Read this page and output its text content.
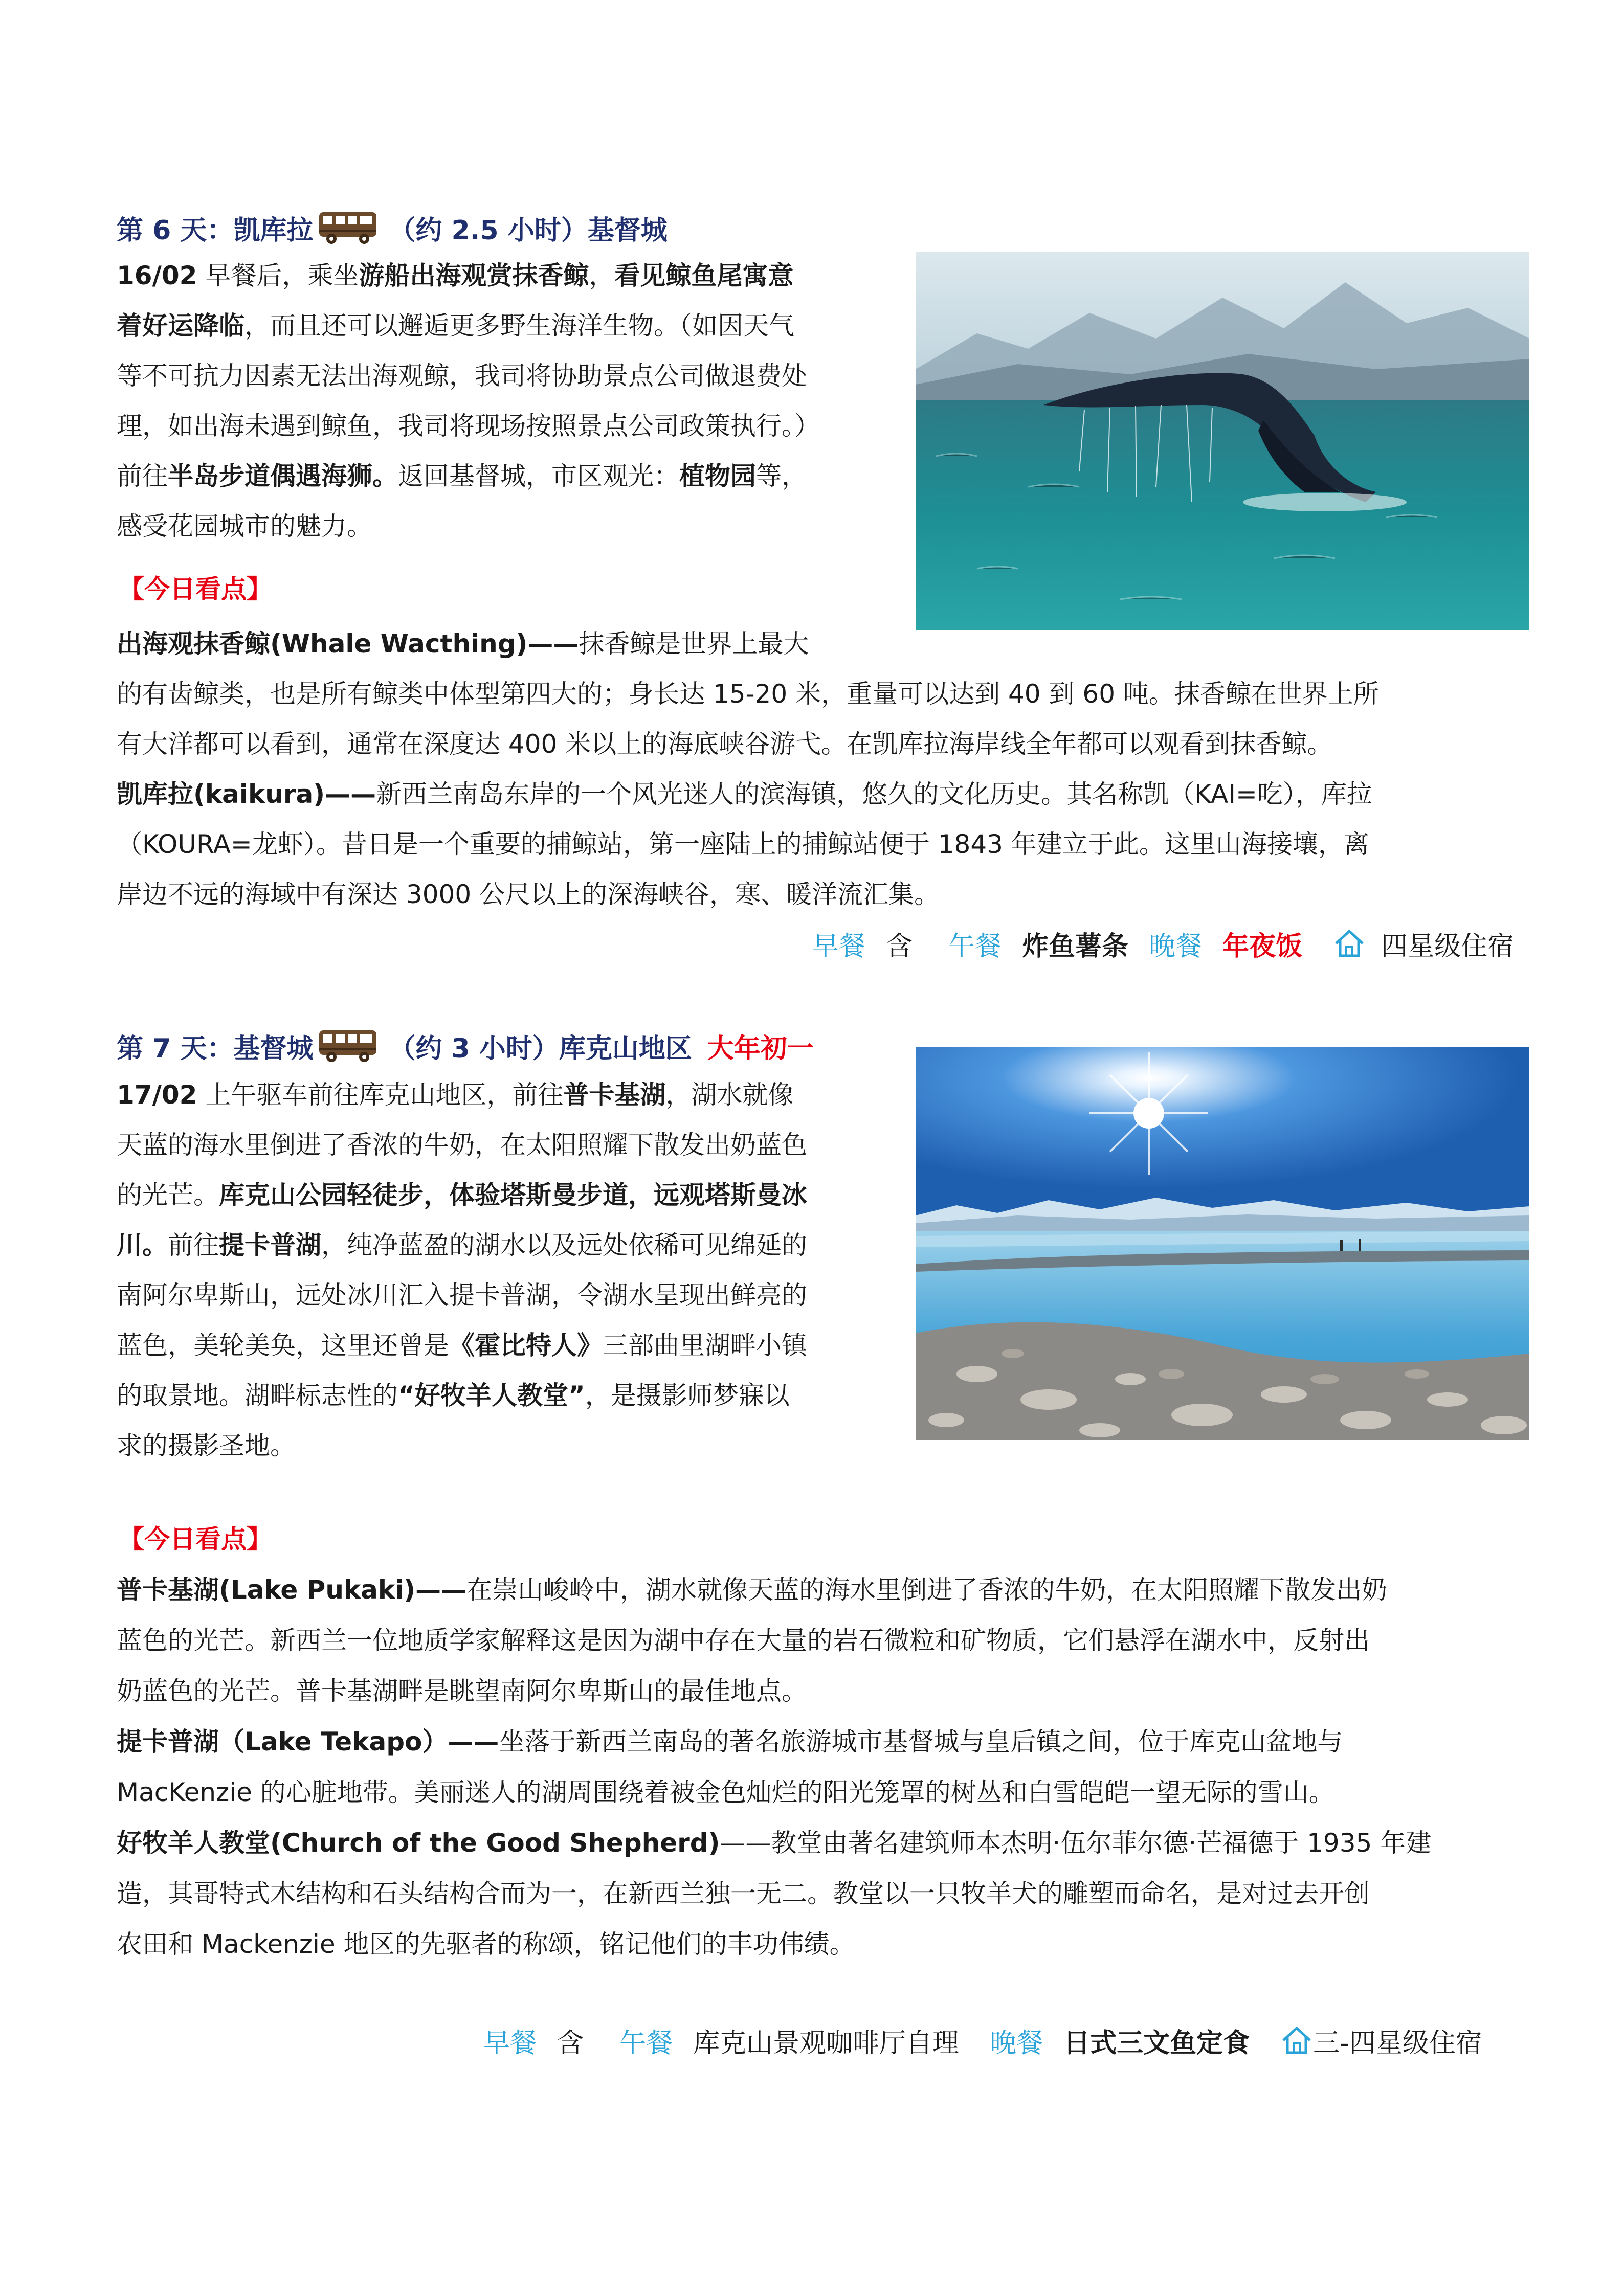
第 6 天：凯库拉	（约 2.5 小时）基督城
16/02 早餐后，乘坐游船出海观赏抹香鲸，看见鲸鱼尾寓意
着好运降临，而且还可以邂逅更多野生海洋生物。（如因天气
等不可抗力因素无法出海观鲸，我司将协助景点公司做退费处
理，如出海未遇到鲸鱼，我司将现场按照景点公司政策执行。）
前往半岛步道偶遇海狮。返回基督城，市区观光：植物园等，
感受花园城市的魅力。
【今日看点】
出海观抹香鲸(Whale Wacthing)——抹香鲸是世界上最大
的有齿鲸类，也是所有鲸类中体型第四大的；身长达 15-20 米，重量可以达到 40 到 60 吨。抹香鲸在世界上所
有大洋都可以看到，通常在深度达 400 米以上的海底峡谷游弋。在凯库拉海岸线全年都可以观看到抹香鲸。
凯库拉(kaikura)——新西兰南岛东岸的一个风光迷人的滨海镇，悠久的文化历史。其名称凯（KAI=吃），库拉
（KOURA=龙虾）。昔日是一个重要的捕鲸站，第一座陆上的捕鲸站便于 1843 年建立于此。这里山海接壤，离
岸边不远的海域中有深达 3000 公尺以上的深海峡谷，寒、暖洋流汇集。
早餐 含 午餐 炸鱼薯条 晚餐 年夜饭	四星级住宿
第 7 天：基督城	（约 3 小时）库克山地区 大年初一
17/02 上午驱车前往库克山地区，前往普卡基湖，湖水就像
天蓝的海水里倒进了香浓的牛奶，在太阳照耀下散发出奶蓝色
的光芒。库克山公园轻徒步，体验塔斯曼步道，远观塔斯曼冰
川。前往提卡普湖，纯净蓝盈的湖水以及远处依稀可见绵延的
南阿尔卑斯山，远处冰川汇入提卡普湖，令湖水呈现出鲜亮的
蓝色，美轮美奂，这里还曾是《霍比特人》三部曲里湖畔小镇
的取景地。湖畔标志性的“好牧羊人教堂”，是摄影师梦寐以
求的摄影圣地。
【今日看点】
普卡基湖(Lake Pukaki)——在崇山峻岭中，湖水就像天蓝的海水里倒进了香浓的牛奶，在太阳照耀下散发出奶
蓝色的光芒。新西兰一位地质学家解释这是因为湖中存在大量的岩石微粒和矿物质，它们悬浮在湖水中，反射出
奶蓝色的光芒。普卡基湖畔是眺望南阿尔卑斯山的最佳地点。
提卡普湖（Lake Tekapo）——坐落于新西兰南岛的著名旅游城市基督城与皇后镇之间，位于库克山盆地与
MacKenzie 的心脏地带。美丽迷人的湖周围绕着被金色灿烂的阳光笼罩的树丛和白雪皑皑一望无际的雪山。
好牧羊人教堂(Church of the Good Shepherd)——教堂由著名建筑师本杰明·伍尔菲尔德·芒福德于 1935 年建
造，其哥特式木结构和石头结构合而为一，在新西兰独一无二。教堂以一只牧羊犬的雕塑而命名，是对过去开创
农田和 Mackenzie 地区的先驱者的称颂，铭记他们的丰功伟绩。
早餐 含 午餐 库克山景观咖啡厅自理 晚餐 日式三文鱼定食 三-四星级住宿
